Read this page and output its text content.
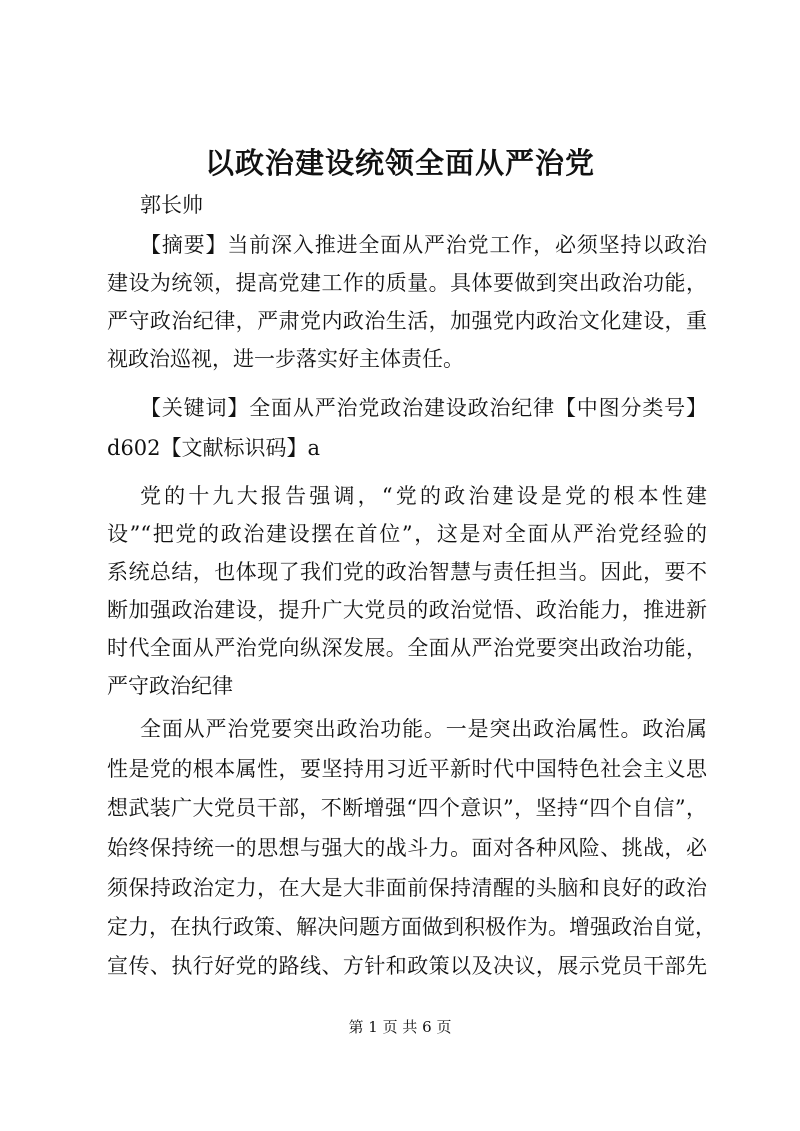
以政治建设统领全面从严治党
郭长帅
【摘要】当前深入推进全面从严治党工作，必须坚持以政治
建设为统领，提高党建工作的质量。具体要做到突出政治功能，
严守政治纪律，严肃党内政治生活，加强党内政治文化建设，重
视政治巡视，进一步落实好主体责任。
【关键词】全面从严治党政治建设政治纪律【中图分类号】
d602【文献标识码】a
党的十九大报告强调，“党的政治建设是党的根本性建
设”“把党的政治建设摆在首位”，这是对全面从严治党经验的
系统总结，也体现了我们党的政治智慧与责任担当。因此，要不
断加强政治建设，提升广大党员的政治觉悟、政治能力，推进新
时代全面从严治党向纵深发展。全面从严治党要突出政治功能，
严守政治纪律
全面从严治党要突出政治功能。一是突出政治属性。政治属
性是党的根本属性，要坚持用习近平新时代中国特色社会主义思
想武装广大党员干部，不断增强“四个意识”，坚持“四个自信”，
始终保持统一的思想与强大的战斗力。面对各种风险、挑战，必
须保持政治定力，在大是大非面前保持清醒的头脑和良好的政治
定力，在执行政策、解决问题方面做到积极作为。增强政治自觉，
宣传、执行好党的路线、方针和政策以及决议，展示党员干部先
第 1 页 共 6 页
